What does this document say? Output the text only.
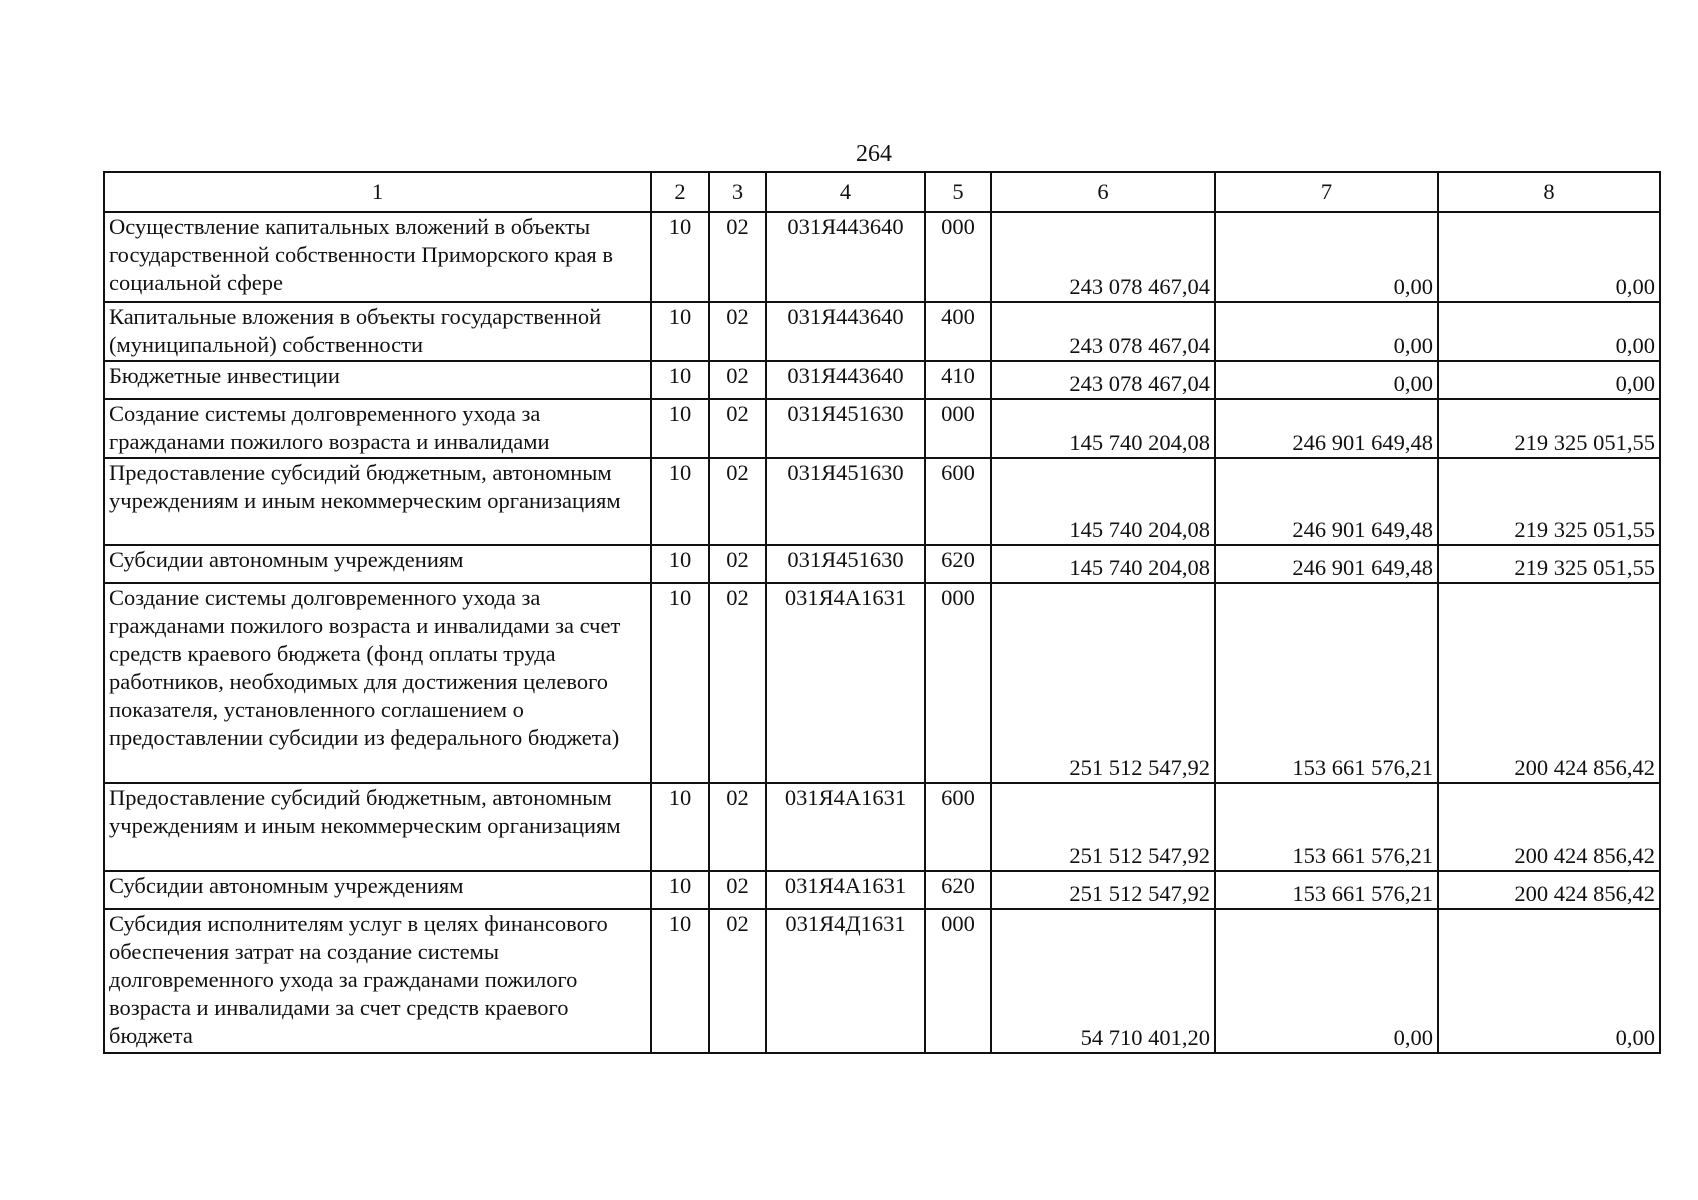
264
1	2	3	4	5	6	7	8
Осуществление капитальных вложений в объекты государственной собственности Приморского края в социальной сфере	10	02	031Я443640	000	243 078 467,04	0,00	0,00
Капитальные вложения в объекты государственной (муниципальной) собственности	10	02	031Я443640	400	243 078 467,04	0,00	0,00
Бюджетные инвестиции	10	02	031Я443640	410	243 078 467,04	0,00	0,00
Создание системы долговременного ухода за гражданами пожилого возраста и инвалидами	10	02	031Я451630	000	145 740 204,08	246 901 649,48	219 325 051,55
Предоставление субсидий бюджетным, автономным учреждениям и иным некоммерческим организациям	10	02	031Я451630	600	145 740 204,08	246 901 649,48	219 325 051,55
Субсидии автономным учреждениям	10	02	031Я451630	620	145 740 204,08	246 901 649,48	219 325 051,55
Создание системы долговременного ухода за гражданами пожилого возраста и инвалидами за счет средств краевого бюджета (фонд оплаты труда работников, необходимых для достижения целевого показателя, установленного соглашением о предоставлении субсидии из федерального бюджета)	10	02	031Я4А1631	000	251 512 547,92	153 661 576,21	200 424 856,42
Предоставление субсидий бюджетным, автономным учреждениям и иным некоммерческим организациям	10	02	031Я4А1631	600	251 512 547,92	153 661 576,21	200 424 856,42
Субсидии автономным учреждениям	10	02	031Я4А1631	620	251 512 547,92	153 661 576,21	200 424 856,42
Субсидия исполнителям услуг в целях финансового обеспечения затрат на создание системы долговременного ухода за гражданами пожилого возраста и инвалидами за счет средств краевого бюджета	10	02	031Я4Д1631	000	54 710 401,20	0,00	0,00
